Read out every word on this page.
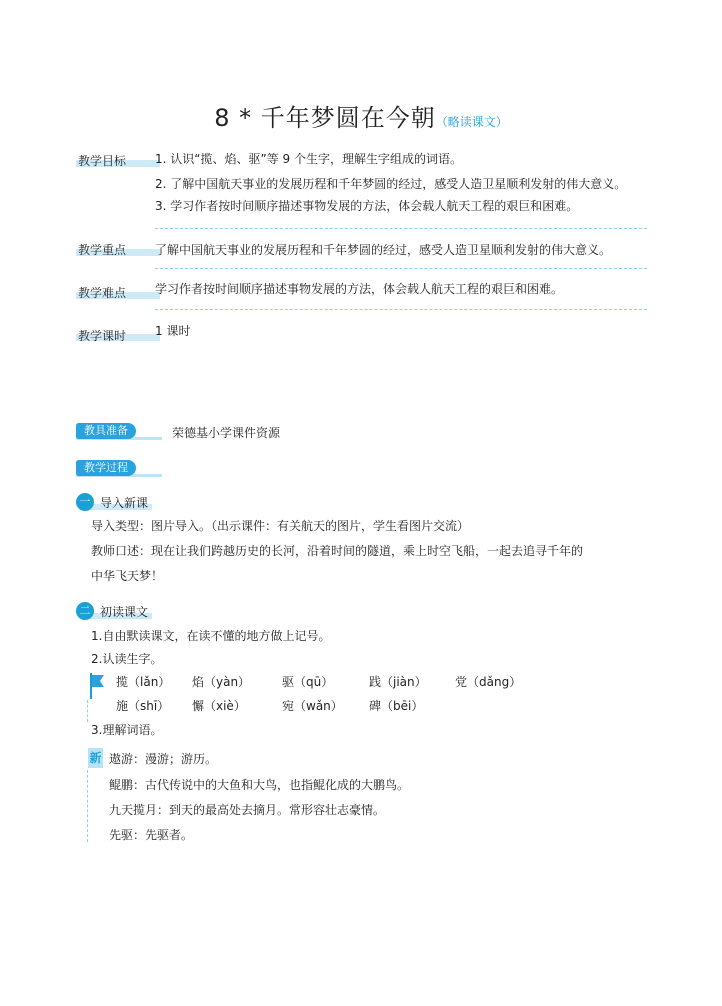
8 * 千年梦圆在今朝（略读课文）
教学目标 1. 认识“揽、焰、驱”等 9 个生字，理解生字组成的词语。
2. 了解中国航天事业的发展历程和千年梦圆的经过，感受人造卫星顺利发射的伟大意义。
3. 学习作者按时间顺序描述事物发展的方法，体会载人航天工程的艰巨和困难。
教学重点 了解中国航天事业的发展历程和千年梦圆的经过，感受人造卫星顺利发射的伟大意义。
教学难点 学习作者按时间顺序描述事物发展的方法，体会载人航天工程的艰巨和困难。
教学课时 1 课时
教具准备	荣德基小学课件资源
教学过程
一 导入新课
导入类型：图片导入。（出示课件：有关航天的图片，学生看图片交流）
教师口述：现在让我们跨越历史的长河，沿着时间的隧道，乘上时空飞船，一起去追寻千年的
中华飞天梦！
二 初读课文
1.自由默读课文，在读不懂的地方做上记号。
2.认读生字。
揽（lǎn） 焰（yàn）	驱（qū）	践（jiàn） 党（dǎng）
施（shī） 懈（xiè）	宛（wǎn） 碑（bēi）
3.理解词语。
新 遨游：漫游；游历。
鲲鹏：古代传说中的大鱼和大鸟，也指鲲化成的大鹏鸟。
九天揽月：到天的最高处去摘月。常形容壮志豪情。
先驱：先驱者。
